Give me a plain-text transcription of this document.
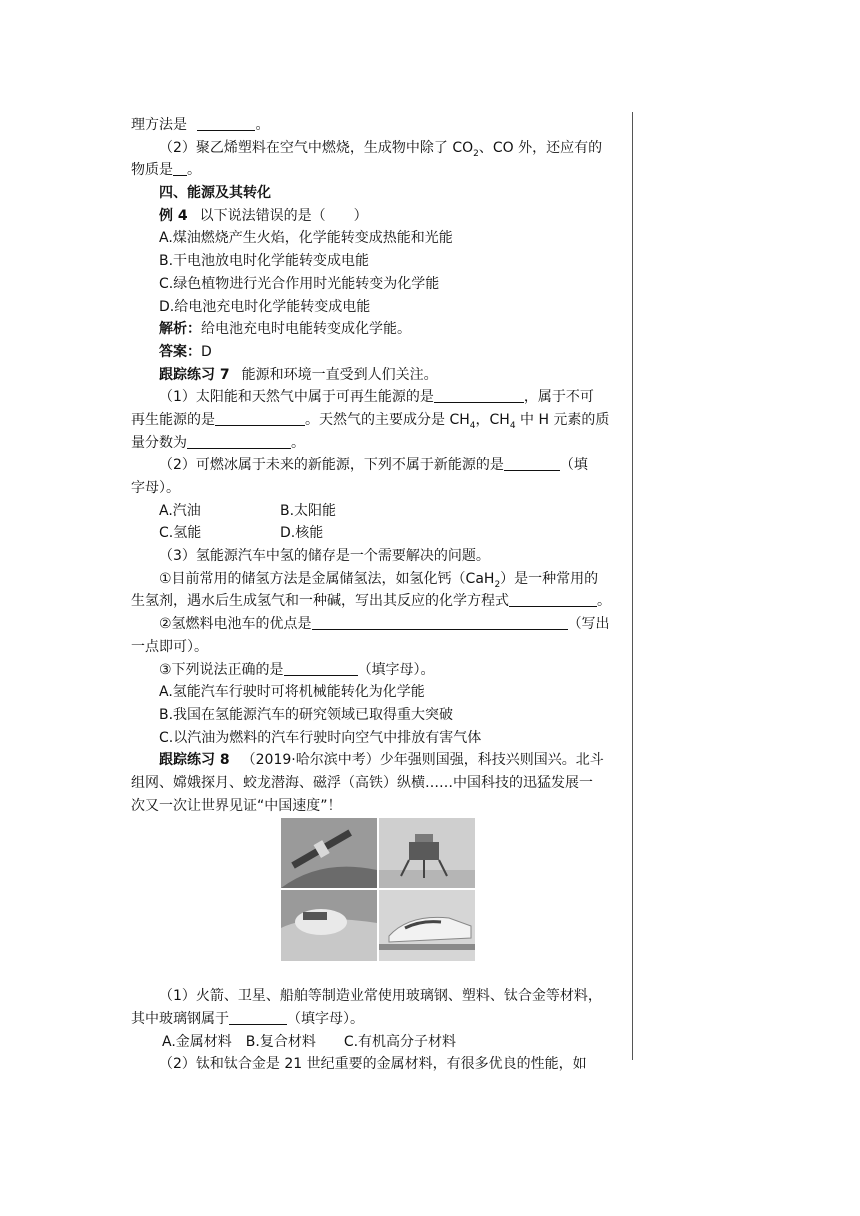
理方法是	。
（2）聚乙烯塑料在空气中燃烧，生成物中除了 $CO_2$、CO 外，还应有的
物质是 。
四、能源及其转化
例 4 以下说法错误的是（　　）
A.煤油燃烧产生火焰，化学能转变成热能和光能
B.干电池放电时化学能转变成电能
C.绿色植物进行光合作用时光能转变为化学能
D.给电池充电时化学能转变成电能
解析：给电池充电时电能转变成化学能。
答案：D
跟踪练习 7 能源和环境一直受到人们关注。
（1）太阳能和天然气中属于可再生能源的是	，属于不可
再生能源的是	。天然气的主要成分是 $CH_4$，$CH_4$ 中 H 元素的质
量分数为	。
（2）可燃冰属于未来的新能源，下列不属于新能源的是	（填
字母）。
A.汽油	B.太阳能
C.氢能	D.核能
（3）氢能源汽车中氢的储存是一个需要解决的问题。
①目前常用的储氢方法是金属储氢法，如氢化钙（CaH$_2$）是一种常用的
生氢剂，遇水后生成氢气和一种碱，写出其反应的化学方程式	。
②氢燃料电池车的优点是	（写出
一点即可）。
③下列说法正确的是	（填字母）。
A.氢能汽车行驶时可将机械能转化为化学能
B.我国在氢能源汽车的研究领域已取得重大突破
C.以汽油为燃料的汽车行驶时向空气中排放有害气体
跟踪练习 8 （2019·哈尔滨中考）少年强则国强，科技兴则国兴。北斗
组网、嫦娥探月、蛟龙潜海、磁浮（高铁）纵横……中国科技的迅猛发展一
次又一次让世界见证“中国速度”！
（1）火箭、卫星、船舶等制造业常使用玻璃钢、塑料、钛合金等材料，
其中玻璃钢属于	（填字母）。
A.金属材料　B.复合材料　　C.有机高分子材料
（2）钛和钛合金是 21 世纪重要的金属材料，有很多优良的性能，如
